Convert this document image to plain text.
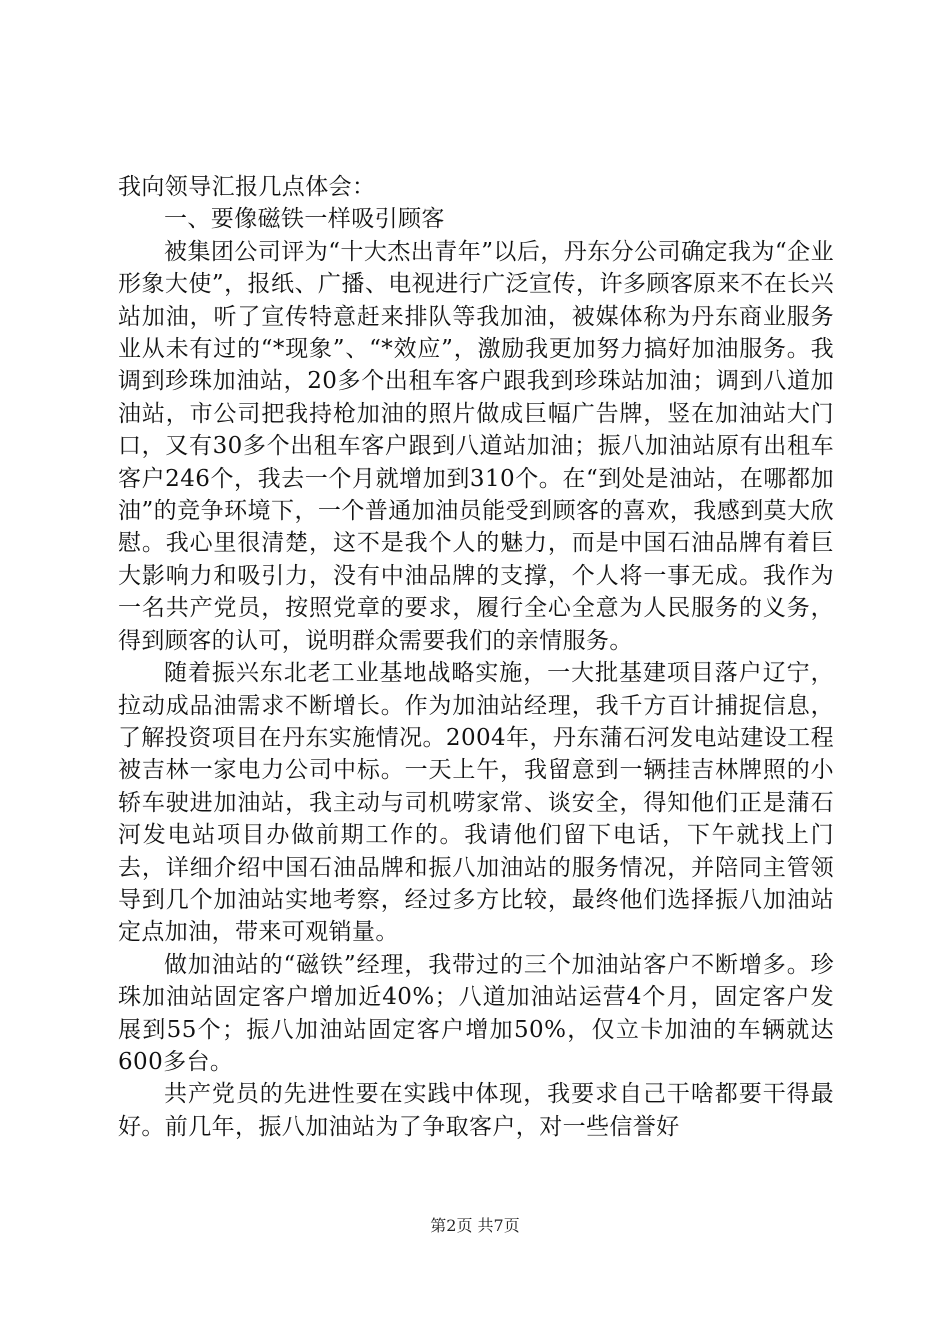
我向领导汇报几点体会：

一、要像磁铁一样吸引顾客

被集团公司评为“十大杰出青年”以后，丹东分公司确定我为“企业形象大使”，报纸、广播、电视进行广泛宣传，许多顾客原来不在长兴站加油，听了宣传特意赶来排队等我加油，被媒体称为丹东商业服务业从未有过的“*现象”、“*效应”，激励我更加努力搞好加油服务。我调到珍珠加油站，20多个出租车客户跟我到珍珠站加油；调到八道加油站，市公司把我持枪加油的照片做成巨幅广告牌，竖在加油站大门口，又有30多个出租车客户跟到八道站加油；振八加油站原有出租车客户246个，我去一个月就增加到310个。在“到处是油站，在哪都加油”的竞争环境下，一个普通加油员能受到顾客的喜欢，我感到莫大欣慰。我心里很清楚，这不是我个人的魅力，而是中国石油品牌有着巨大影响力和吸引力，没有中油品牌的支撑，个人将一事无成。我作为一名共产党员，按照党章的要求，履行全心全意为人民服务的义务，得到顾客的认可，说明群众需要我们的亲情服务。

随着振兴东北老工业基地战略实施，一大批基建项目落户辽宁，拉动成品油需求不断增长。作为加油站经理，我千方百计捕捉信息，了解投资项目在丹东实施情况。2004年，丹东蒲石河发电站建设工程被吉林一家电力公司中标。一天上午，我留意到一辆挂吉林牌照的小轿车驶进加油站，我主动与司机唠家常、谈安全，得知他们正是蒲石河发电站项目办做前期工作的。我请他们留下电话，下午就找上门去，详细介绍中国石油品牌和振八加油站的服务情况，并陪同主管领导到几个加油站实地考察，经过多方比较，最终他们选择振八加油站定点加油，带来可观销量。

做加油站的“磁铁”经理，我带过的三个加油站客户不断增多。珍珠加油站固定客户增加近40%；八道加油站运营4个月，固定客户发展到55个；振八加油站固定客户增加50%，仅立卡加油的车辆就达600多台。

共产党员的先进性要在实践中体现，我要求自己干啥都要干得最好。前几年，振八加油站为了争取客户，对一些信誉好

第2页 共7页
